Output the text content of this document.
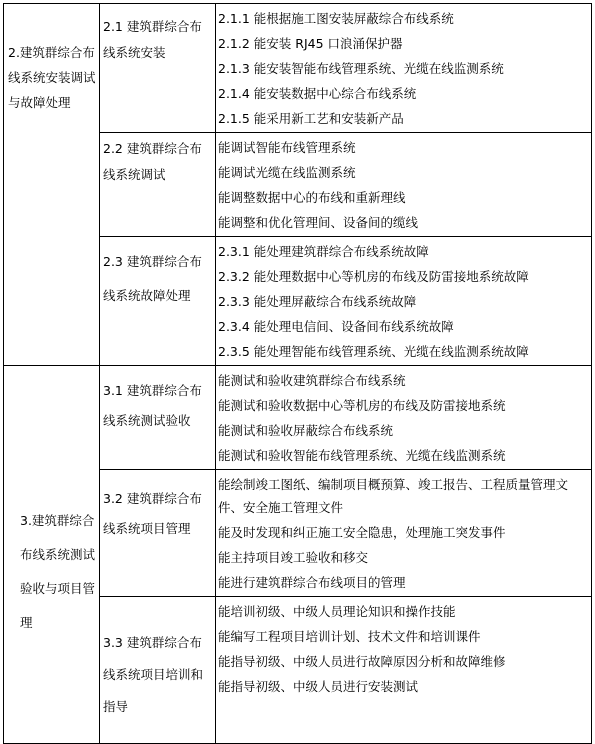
2.建筑群综合布线系统安装调试与故障处理	2.1 建筑群综合布线系统安装	2.1.1 能根据施工图安装屏蔽综合布线系统
2.1.2 能安装 RJ45 口浪涌保护器
2.1.3 能安装智能布线管理系统、光缆在线监测系统
2.1.4 能安装数据中心综合布线系统
2.1.5 能采用新工艺和安装新产品

	2.2 建筑群综合布线系统调试	能调试智能布线管理系统
能调试光缆在线监测系统
能调整数据中心的布线和重新理线
能调整和优化管理间、设备间的缆线

	2.3 建筑群综合布线系统故障处理	2.3.1 能处理建筑群综合布线系统故障
2.3.2 能处理数据中心等机房的布线及防雷接地系统故障
2.3.3 能处理屏蔽综合布线系统故障
2.3.4 能处理电信间、设备间布线系统故障
2.3.5 能处理智能布线管理系统、光缆在线监测系统故障

3.建筑群综合布线系统测试验收与项目管理	3.1 建筑群综合布线系统测试验收	能测试和验收建筑群综合布线系统
能测试和验收数据中心等机房的布线及防雷接地系统
能测试和验收屏蔽综合布线系统
能测试和验收智能布线管理系统、光缆在线监测系统

	3.2 建筑群综合布线系统项目管理	能绘制竣工图纸、编制项目概预算、竣工报告、工程质量管理文件、安全施工管理文件
能及时发现和纠正施工安全隐患，处理施工突发事件
能主持项目竣工验收和移交
能进行建筑群综合布线项目的管理

	3.3 建筑群综合布线系统项目培训和指导	能培训初级、中级人员理论知识和操作技能
能编写工程项目培训计划、技术文件和培训课件
能指导初级、中级人员进行故障原因分析和故障维修
能指导初级、中级人员进行安装测试
